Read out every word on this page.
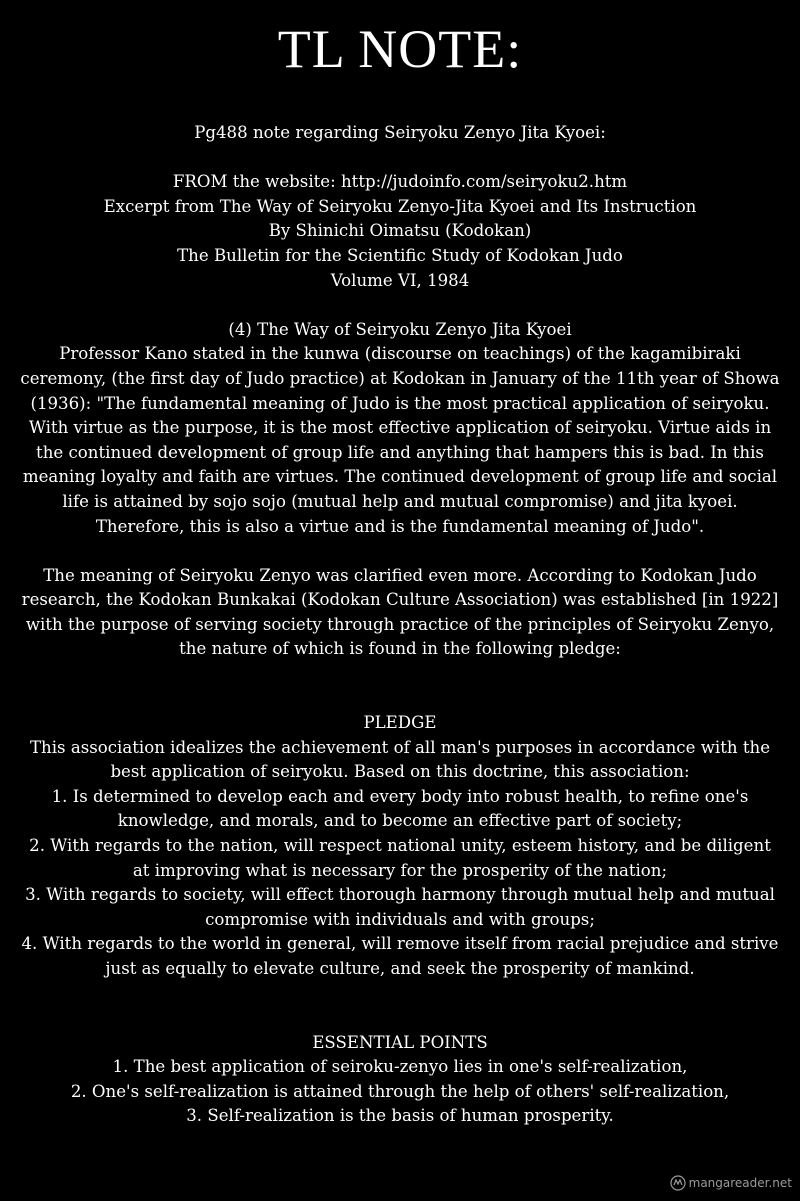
TL NOTE:
Pg488 note regarding Seiryoku Zenyo Jita Kyoei:
FROM the website: http://judoinfo.com/seiryoku2.htm
Excerpt from The Way of Seiryoku Zenyo-Jita Kyoei and Its Instruction
By Shinichi Oimatsu (Kodokan)
The Bulletin for the Scientific Study of Kodokan Judo
Volume VI, 1984
(4) The Way of Seiryoku Zenyo Jita Kyoei

Professor Kano stated in the kunwa (discourse on teachings) of the kagamibiraki ceremony, (the first day of Judo practice) at Kodokan in January of the 11th year of Showa (1936): "The fundamental meaning of Judo is the most practical application of seiryoku. With virtue as the purpose, it is the most effective application of seiryoku. Virtue aids in the continued development of group life and anything that hampers this is bad. In this meaning loyalty and faith are virtues. The continued development of group life and social life is attained by sojo sojo (mutual help and mutual compromise) and jita kyoei. Therefore, this is also a virtue and is the fundamental meaning of Judo".

The meaning of Seiryoku Zenyo was clarified even more. According to Kodokan Judo research, the Kodokan Bunkakai (Kodokan Culture Association) was established [in 1922] with the purpose of serving society through practice of the principles of Seiryoku Zenyo, the nature of which is found in the following pledge:

PLEDGE

This association idealizes the achievement of all man's purposes in accordance with the best application of seiryoku. Based on this doctrine, this association:

1. Is determined to develop each and every body into robust health, to refine one's knowledge, and morals, and to become an effective part of society;

2. With regards to the nation, will respect national unity, esteem history, and be diligent at improving what is necessary for the prosperity of the nation;

3. With regards to society, will effect thorough harmony through mutual help and mutual compromise with individuals and with groups;

4. With regards to the world in general, will remove itself from racial prejudice and strive just as equally to elevate culture, and seek the prosperity of mankind.

ESSENTIAL POINTS

1. The best application of seiroku-zenyo lies in one's self-realization,

2. One's self-realization is attained through the help of others' self-realization,

3. Self-realization is the basis of human prosperity.

mangareader.net
